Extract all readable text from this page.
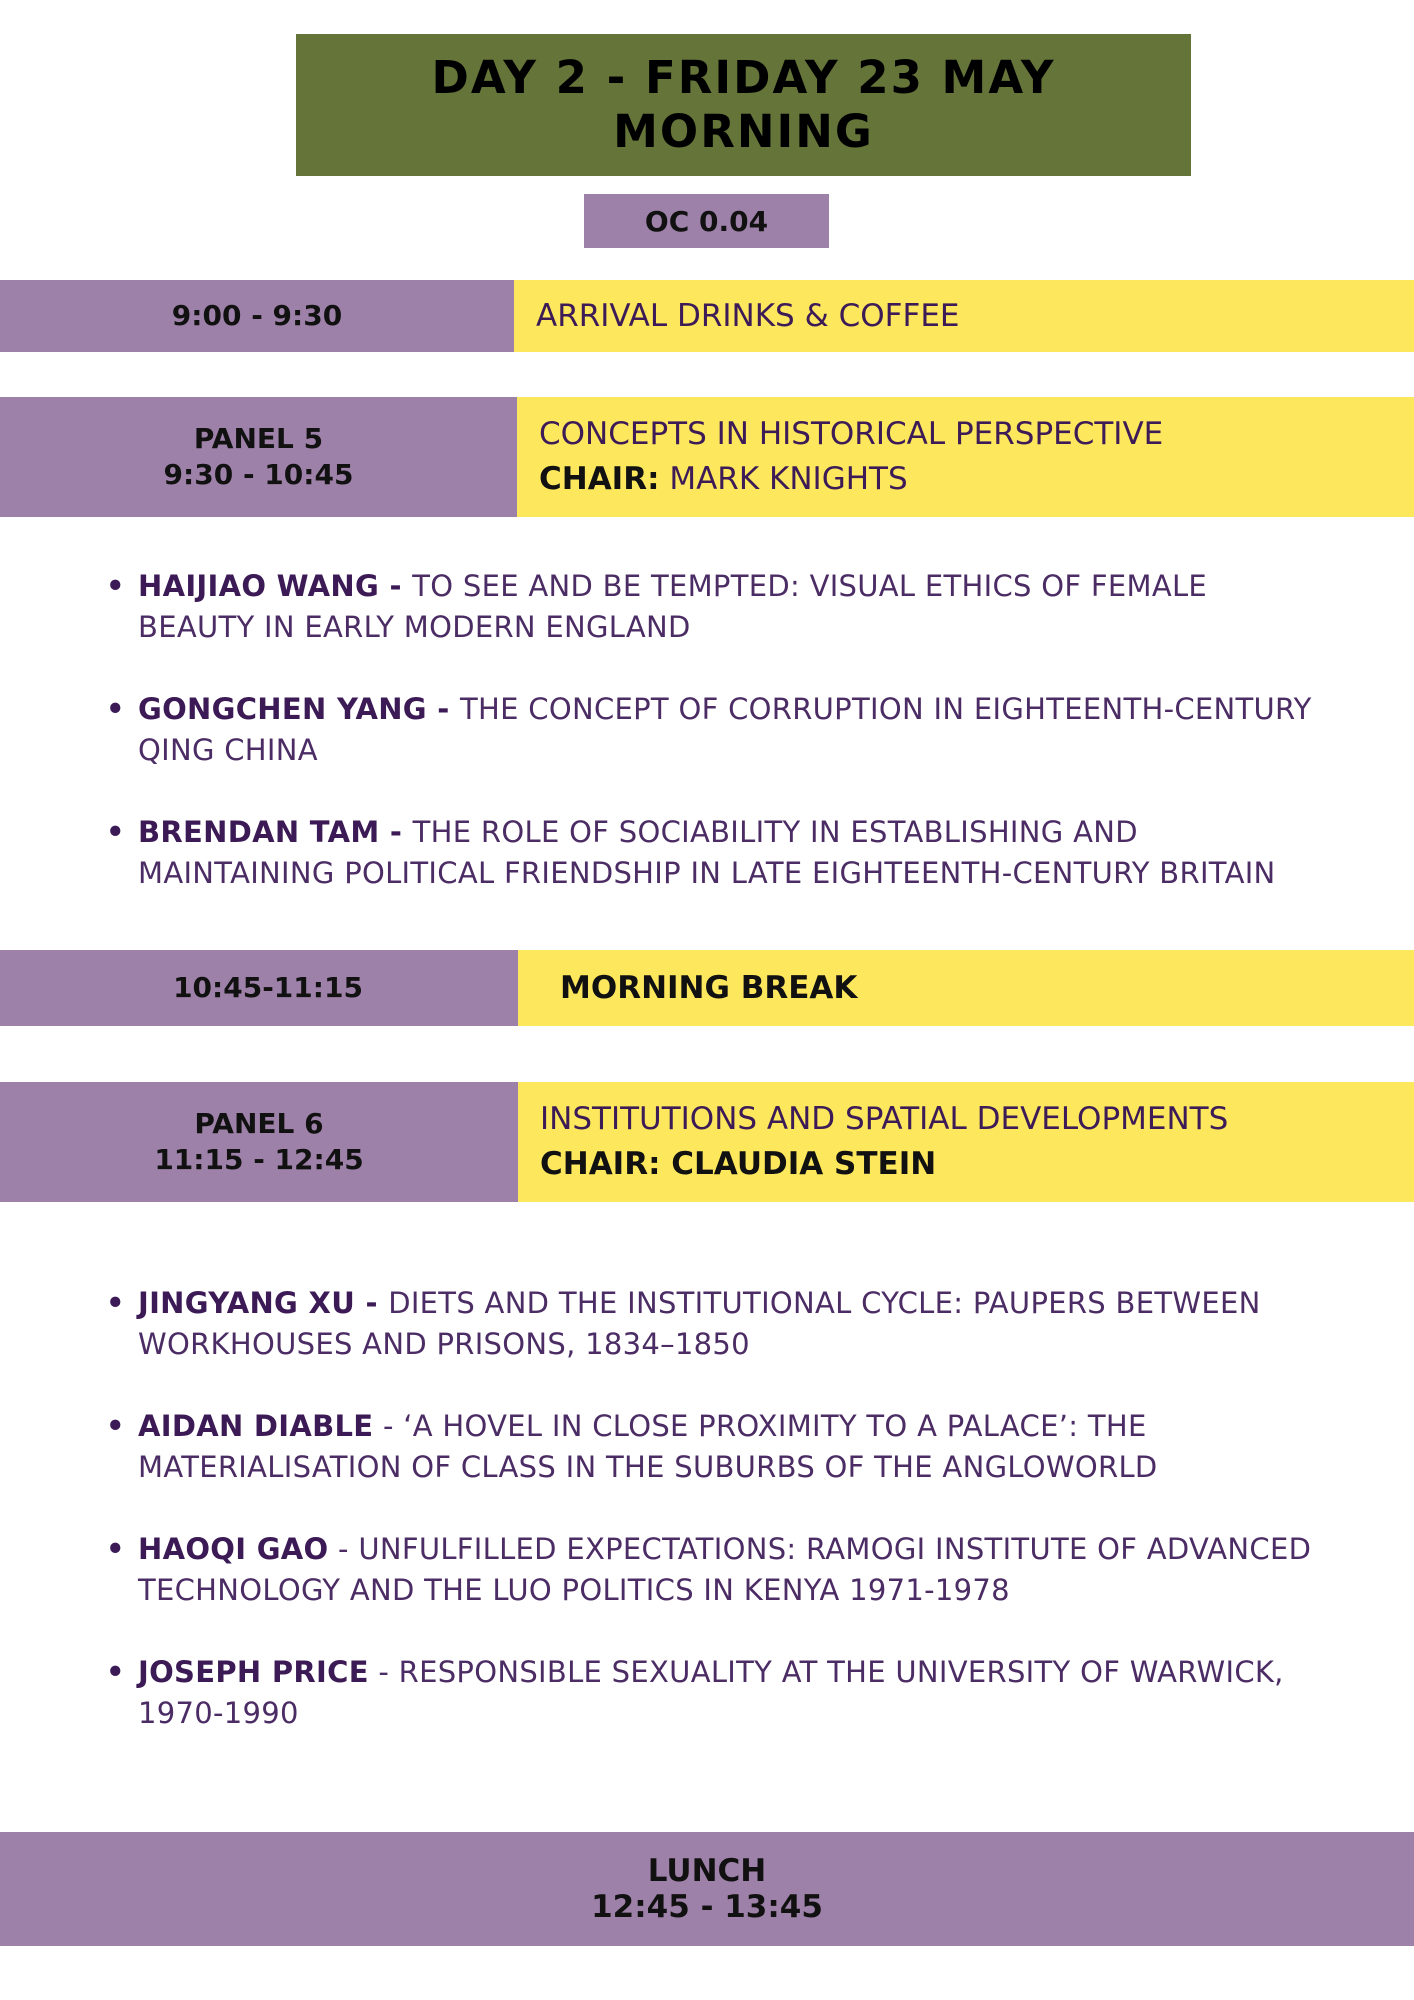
DAY 2 - FRIDAY 23 MAY
MORNING
OC 0.04
9:00 - 9:30	ARRIVAL DRINKS & COFFEE
PANEL 5
9:30 - 10:45
CONCEPTS IN HISTORICAL PERSPECTIVE
CHAIR: MARK KNIGHTS
• HAIJIAO WANG - TO SEE AND BE TEMPTED: VISUAL ETHICS OF FEMALE BEAUTY IN EARLY MODERN ENGLAND
• GONGCHEN YANG - THE CONCEPT OF CORRUPTION IN EIGHTEENTH-CENTURY QING CHINA
• BRENDAN TAM - THE ROLE OF SOCIABILITY IN ESTABLISHING AND MAINTAINING POLITICAL FRIENDSHIP IN LATE EIGHTEENTH-CENTURY BRITAIN
10:45-11:15	MORNING BREAK
PANEL 6
11:15 - 12:45
INSTITUTIONS AND SPATIAL DEVELOPMENTS
CHAIR: CLAUDIA STEIN
• JINGYANG XU - DIETS AND THE INSTITUTIONAL CYCLE: PAUPERS BETWEEN WORKHOUSES AND PRISONS, 1834–1850
• AIDAN DIABLE - ‘A HOVEL IN CLOSE PROXIMITY TO A PALACE’: THE MATERIALISATION OF CLASS IN THE SUBURBS OF THE ANGLOWORLD
• HAOQI GAO - UNFULFILLED EXPECTATIONS: RAMOGI INSTITUTE OF ADVANCED TECHNOLOGY AND THE LUO POLITICS IN KENYA 1971-1978
• JOSEPH PRICE - RESPONSIBLE SEXUALITY AT THE UNIVERSITY OF WARWICK, 1970-1990
LUNCH
12:45 - 13:45
